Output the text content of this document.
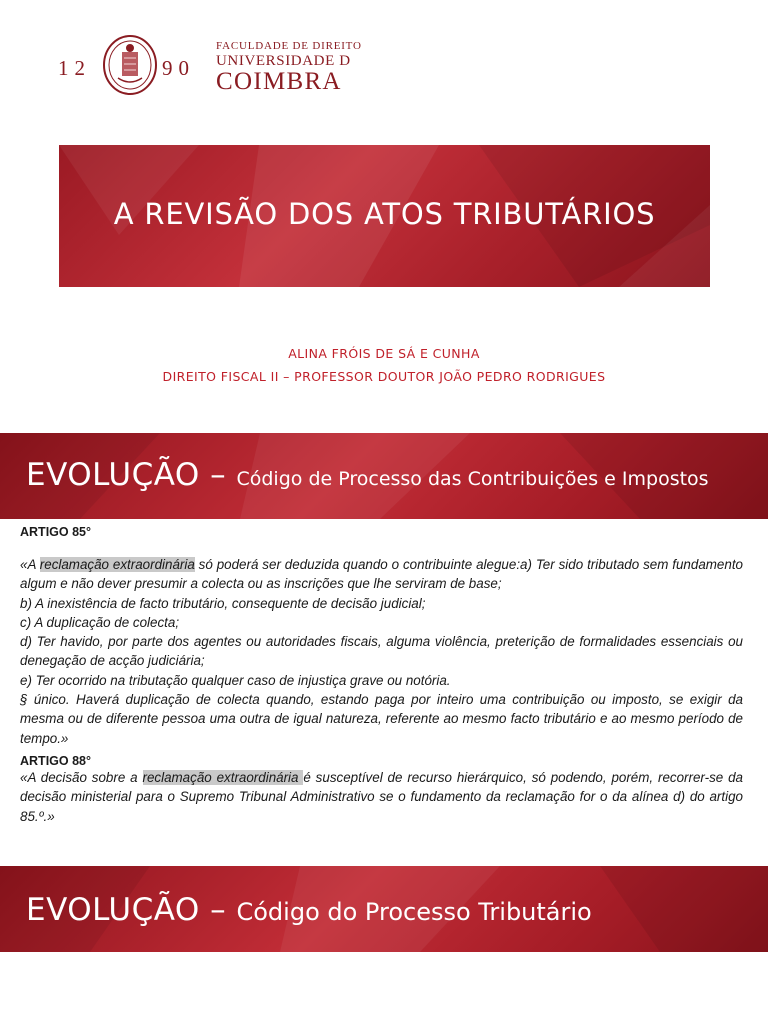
12	90
FACULDADE DE DIREITO
UNIVERSIDADE D
COIMBRA
A REVISÃO DOS ATOS TRIBUTÁRIOS
ALINA FRÓIS DE SÁ E CUNHA
DIREITO FISCAL II – PROFESSOR DOUTOR JOÃO PEDRO RODRIGUES
EVOLUÇÃO – Código de Processo das Contribuições e Impostos
ARTIGO 85°
«A reclamação extraordinária só poderá ser deduzida quando o contribuinte alegue:a) Ter sido tributado sem fundamento algum e não dever presumir a colecta ou as inscrições que lhe serviram de base;
b) A inexistência de facto tributário, consequente de decisão judicial;
c) A duplicação de colecta;
d) Ter havido, por parte dos agentes ou autoridades fiscais, alguma violência, preterição de formalidades essenciais ou denegação de acção judiciária;
e) Ter ocorrido na tributação qualquer caso de injustiça grave ou notória.
§ único. Haverá duplicação de colecta quando, estando paga por inteiro uma contribuição ou imposto, se exigir da mesma ou de diferente pessoa uma outra de igual natureza, referente ao mesmo facto tributário e ao mesmo período de tempo.»
ARTIGO 88°
«A decisão sobre a reclamação extraordinária é susceptível de recurso hierárquico, só podendo, porém, recorrer-se da decisão ministerial para o Supremo Tribunal Administrativo se o fundamento da reclamação for o da alínea d) do artigo 85.º.»
EVOLUÇÃO – Código do Processo Tributário
